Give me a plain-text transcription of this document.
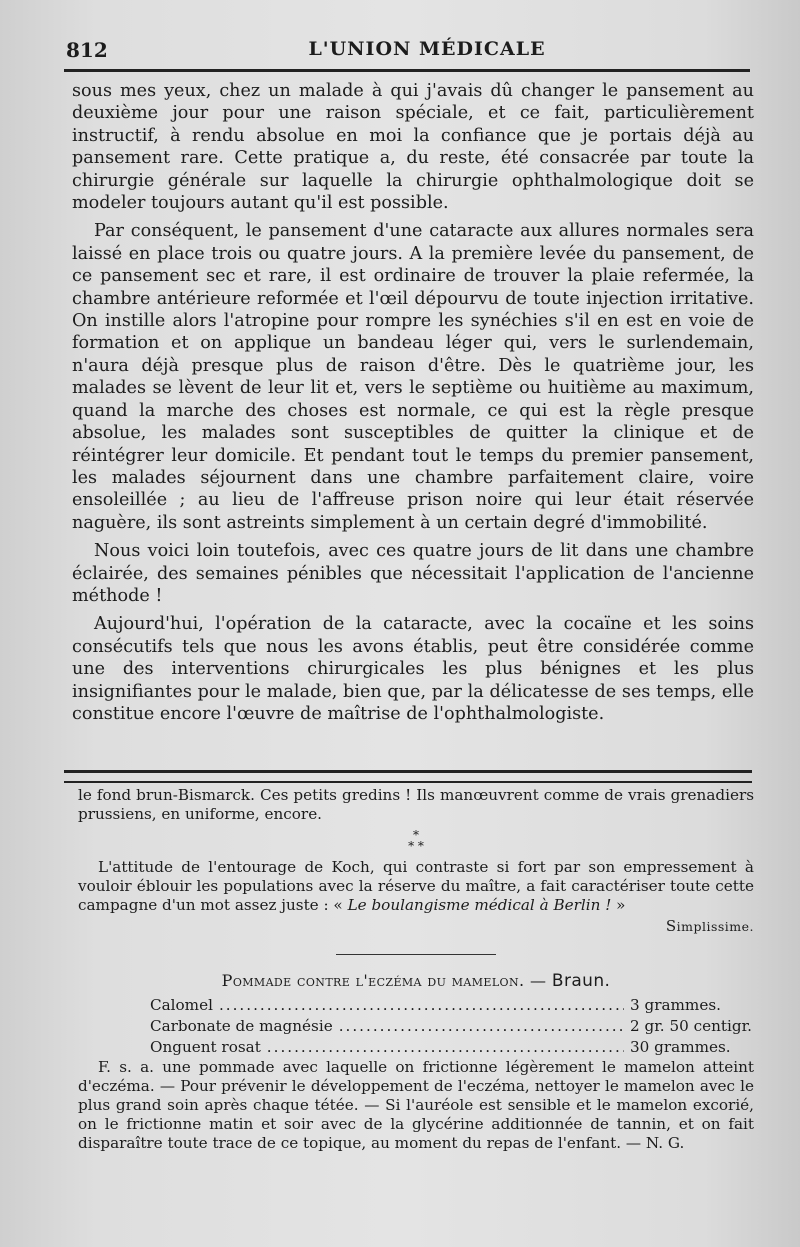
812	L'UNION MÉDICALE

sous mes yeux, chez un malade à qui j'avais dû changer le pansement au deuxième jour pour une raison spéciale, et ce fait, particulièrement instructif, à rendu absolue en moi la confiance que je portais déjà au pansement rare. Cette pratique a, du reste, été consacrée par toute la chirurgie générale sur laquelle la chirurgie ophthalmologique doit se modeler toujours autant qu'il est possible.

Par conséquent, le pansement d'une cataracte aux allures normales sera laissé en place trois ou quatre jours. A la première levée du pansement, de ce pansement sec et rare, il est ordinaire de trouver la plaie refermée, la chambre antérieure reformée et l'œil dépourvu de toute injection irritative. On instille alors l'atropine pour rompre les synéchies s'il en est en voie de formation et on applique un bandeau léger qui, vers le surlendemain, n'aura déjà presque plus de raison d'être. Dès le quatrième jour, les malades se lèvent de leur lit et, vers le septième ou huitième au maximum, quand la marche des choses est normale, ce qui est la règle presque absolue, les malades sont susceptibles de quitter la clinique et de réintégrer leur domicile. Et pendant tout le temps du premier pansement, les malades séjournent dans une chambre parfaitement claire, voire ensoleillée ; au lieu de l'affreuse prison noire qui leur était réservée naguère, ils sont astreints simplement à un certain degré d'immobilité.

Nous voici loin toutefois, avec ces quatre jours de lit dans une chambre éclairée, des semaines pénibles que nécessitait l'application de l'ancienne méthode !

Aujourd'hui, l'opération de la cataracte, avec la cocaïne et les soins consécutifs tels que nous les avons établis, peut être considérée comme une des interventions chirurgicales les plus bénignes et les plus insignifiantes pour le malade, bien que, par la délicatesse de ses temps, elle constitue encore l'œuvre de maîtrise de l'ophthalmologiste.

le fond brun-Bismarck. Ces petits gredins ! Ils manœuvrent comme de vrais grenadiers prussiens, en uniforme, encore.

*
* *

L'attitude de l'entourage de Koch, qui contraste si fort par son empressement à vouloir éblouir les populations avec la réserve du maître, a fait caractériser toute cette campagne d'un mot assez juste : « Le boulangisme médical à Berlin ! »

Simplissime.
Pommade contre l'eczéma du mamelon. — Braun.
Calomel .....	3 grammes.
Carbonate de magnésie .....	2 gr. 50 centigr.
Onguent rosat .....	30 grammes.

F. s. a. une pommade avec laquelle on frictionne légèrement le mamelon atteint d'eczéma. — Pour prévenir le développement de l'eczéma, nettoyer le mamelon avec le plus grand soin après chaque tétée. — Si l'auréole est sensible et le mamelon excorié, on le frictionne matin et soir avec de la glycérine additionnée de tannin, et on fait disparaître toute trace de ce topique, au moment du repas de l'enfant. — N. G.
